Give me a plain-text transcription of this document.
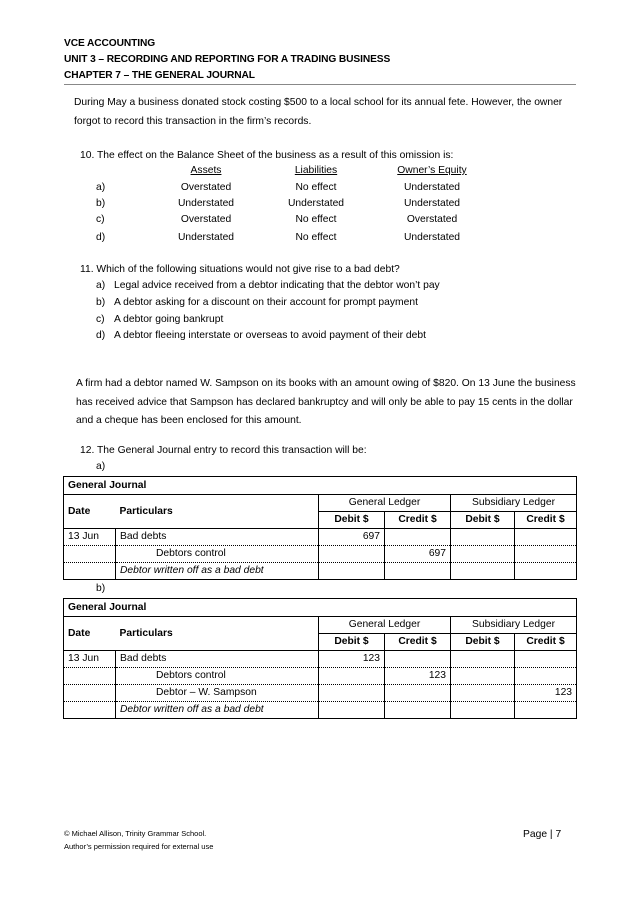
VCE ACCOUNTING
UNIT 3 – RECORDING AND REPORTING FOR A TRADING BUSINESS
CHAPTER 7 – THE GENERAL JOURNAL
During May a business donated stock costing $500 to a local school for its annual fete. However, the owner forgot to record this transaction in the firm’s records.
10. The effect on the Balance Sheet of the business as a result of this omission is:
Assets	Liabilities	Owner’s Equity
a)	Overstated	No effect	Understated
b)	Understated	Understated	Understated
c)	Overstated	No effect	Overstated
d)	Understated	No effect	Understated
11. Which of the following situations would not give rise to a bad debt?
a) Legal advice received from a debtor indicating that the debtor won’t pay
b) A debtor asking for a discount on their account for prompt payment
c) A debtor going bankrupt
d) A debtor fleeing interstate or overseas to avoid payment of their debt
A firm had a debtor named W. Sampson on its books with an amount owing of $820. On 13 June the business has received advice that Sampson has declared bankruptcy and will only be able to pay 15 cents in the dollar and a cheque has been enclosed for this amount.
12. The General Journal entry to record this transaction will be:
a)
General Journal					
Date	Particulars	General Ledger		Subsidiary Ledger	
		Debit $	Credit $	Debit $	Credit $
13 Jun	Bad debts	697			
	Debtors control		697		
	Debtor written off as a bad debt				
b)
General Journal					
Date	Particulars	General Ledger		Subsidiary Ledger	
		Debit $	Credit $	Debit $	Credit $
13 Jun	Bad debts	123			
	Debtors control		123		
	Debtor – W. Sampson				123
	Debtor written off as a bad debt				
© Michael Allison, Trinity Grammar School.
Author’s permission required for external use
Page | 7
